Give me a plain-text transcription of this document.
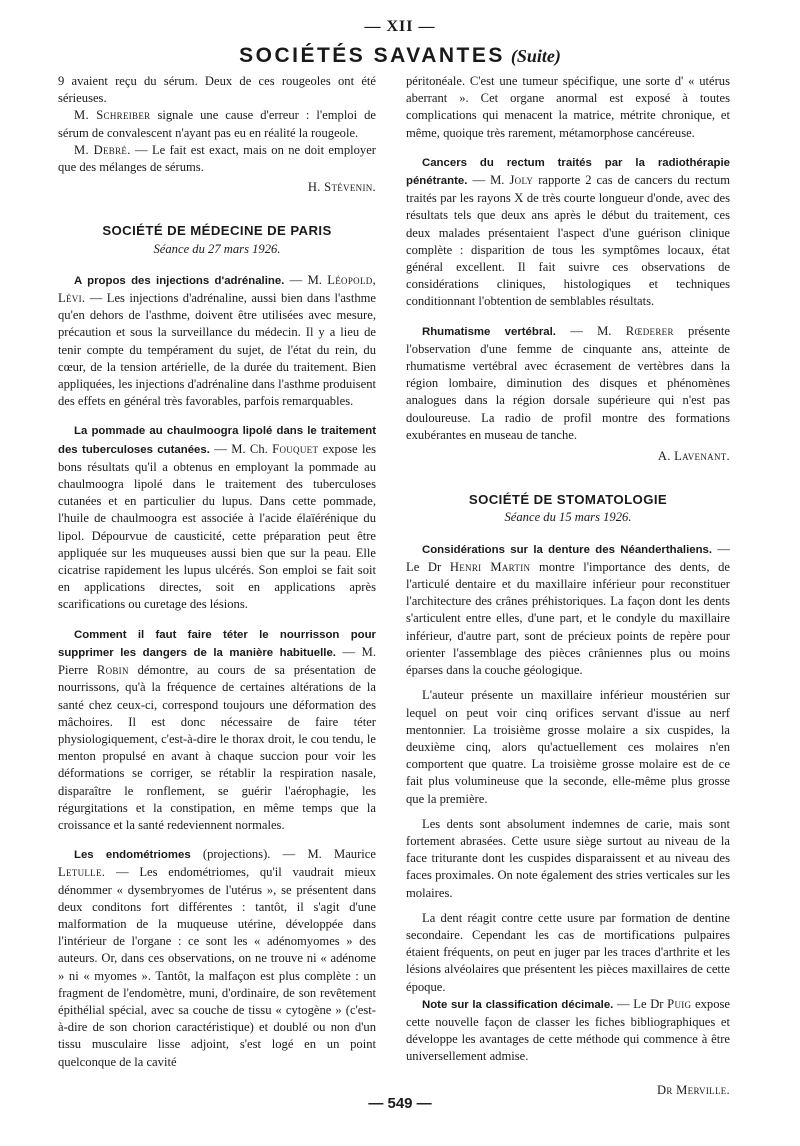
— XII —
SOCIÉTÉS SAVANTES (Suite)

9 avaient reçu du sérum. Deux de ces rougeoles ont été sérieuses.

M. Schreiber signale une cause d'erreur : l'emploi de sérum de convalescent n'ayant pas eu en réalité la rougeole.

M. Debré. — Le fait est exact, mais on ne doit employer que des mélanges de sérums.

H. Stévenin.

SOCIÉTÉ DE MÉDECINE DE PARIS

Séance du 27 mars 1926.

A propos des injections d'adrénaline. — M. Léopold, Lévi. — Les injections d'adrénaline, aussi bien dans l'asthme qu'en dehors de l'asthme, doivent être utilisées avec mesure, précaution et sous la surveillance du médecin. Il y a lieu de tenir compte du tempérament du sujet, de l'état du rein, du cœur, de la tension artérielle, de la durée du traitement. Bien appliquées, les injections d'adrénaline dans l'asthme produisent des effets en général très favorables, parfois remarquables.

La pommade au chaulmoogra lipolé dans le traitement des tuberculoses cutanées. — M. Ch. Fouquet expose les bons résultats qu'il a obtenus en employant la pommade au chaulmoogra lipolé dans le traitement des tuberculoses cutanées et en particulier du lupus. Dans cette pommade, l'huile de chaulmoogra est associée à l'acide élaïérénique du lipol. Dépourvue de causticité, cette préparation peut être appliquée sur les muqueuses aussi bien que sur la peau. Elle cicatrise rapidement les lupus ulcérés. Son emploi se fait soit en applications directes, soit en applications après scarifications ou curetage des lésions.

Comment il faut faire téter le nourrisson pour supprimer les dangers de la manière habituelle. — M. Pierre Robin démontre, au cours de sa présentation de nourrissons, qu'à la fréquence de certaines altérations de la santé chez ceux-ci, correspond toujours une déformation des mâchoires. Il est donc nécessaire de faire téter physiologiquement, c'est-à-dire le thorax droit, le cou tendu, le menton propulsé en avant à chaque succion pour voir les déformations se corriger, se rétablir la respiration nasale, disparaître le ronflement, se guérir l'aérophagie, les régurgitations et la constipation, en même temps que la croissance et la santé redeviennent normales.

Les endométriomes (projections). — M. Maurice Letulle. — Les endométriomes, qu'il vaudrait mieux dénommer « dysembryomes de l'utérus », se présentent dans deux conditons fort différentes : tantôt, il s'agit d'une malformation de la muqueuse utérine, développée dans l'intérieur de l'organe : ce sont les « adénomyomes » des auteurs. Or, dans ces observations, on ne trouve ni « adénome » ni « myomes ». Tantôt, la malfaçon est plus complète : un fragment de l'endomètre, muni, d'ordinaire, de son revêtement épithélial spécial, avec sa couche de tissu « cytogène » (c'est-à-dire de son chorion caractéristique) et doublé ou non d'un tissu musculaire lisse adjoint, s'est logé en un point quelconque de la cavité

péritonéale. C'est une tumeur spécifique, une sorte d' « utérus aberrant ». Cet organe anormal est exposé à toutes complications qui menacent la matrice, métrite chronique, et même, quoique très rarement, métamorphose cancéreuse.

Cancers du rectum traités par la radiothérapie pénétrante. — M. Joly rapporte 2 cas de cancers du rectum traités par les rayons X de très courte longueur d'onde, avec des résultats tels que deux ans après le début du traitement, ces deux malades présentaient l'aspect d'une guérison clinique complète : disparition de tous les symptômes locaux, état général excellent. Il fait suivre ces observations de considérations cliniques, histologiques et techniques conditionnant l'obtention de semblables résultats.

Rhumatisme vertébral. — M. Rœderer présente l'observation d'une femme de cinquante ans, atteinte de rhumatisme vertébral avec écrasement de vertèbres dans la région lombaire, diminution des disques et phénomènes analogues dans la région dorsale supérieure qui n'est pas douloureuse. La radio de profil montre des formations exubérantes en museau de tanche.

A. Lavenant.

SOCIÉTÉ DE STOMATOLOGIE

Séance du 15 mars 1926.

Considérations sur la denture des Néanderthaliens. — Le Dr Henri Martin montre l'importance des dents, de l'articulé dentaire et du maxillaire inférieur pour reconstituer l'architecture des crânes préhistoriques. La façon dont les dents s'articulent entre elles, d'une part, et le condyle du maxillaire inférieur, d'autre part, sont de précieux points de repère pour orienter l'assemblage des pièces crâniennes plus ou moins éparses dans la couche géologique.

L'auteur présente un maxillaire inférieur moustérien sur lequel on peut voir cinq orifices servant d'issue au nerf mentonnier. La troisième grosse molaire a six cuspides, la deuxième cinq, alors qu'actuellement ces molaires n'en comportent que quatre. La troisième grosse molaire est de ce fait plus volumineuse que la seconde, elle-même plus grosse que la première.

Les dents sont absolument indemnes de carie, mais sont fortement abrasées. Cette usure siège surtout au niveau de la face triturante dont les cuspides disparaissent et au niveau des faces proximales. On note également des stries verticales sur les molaires.

La dent réagit contre cette usure par formation de dentine secondaire. Cependant les cas de mortifications pulpaires étaient fréquents, on peut en juger par les traces d'arthrite et les lésions alvéolaires que présentent les pièces maxillaires de cette époque.

Note sur la classification décimale. — Le Dr Puig expose cette nouvelle façon de classer les fiches bibliographiques et développe les avantages de cette méthode qui commence à être universellement admise.

Dr Merville.

— 549 —
